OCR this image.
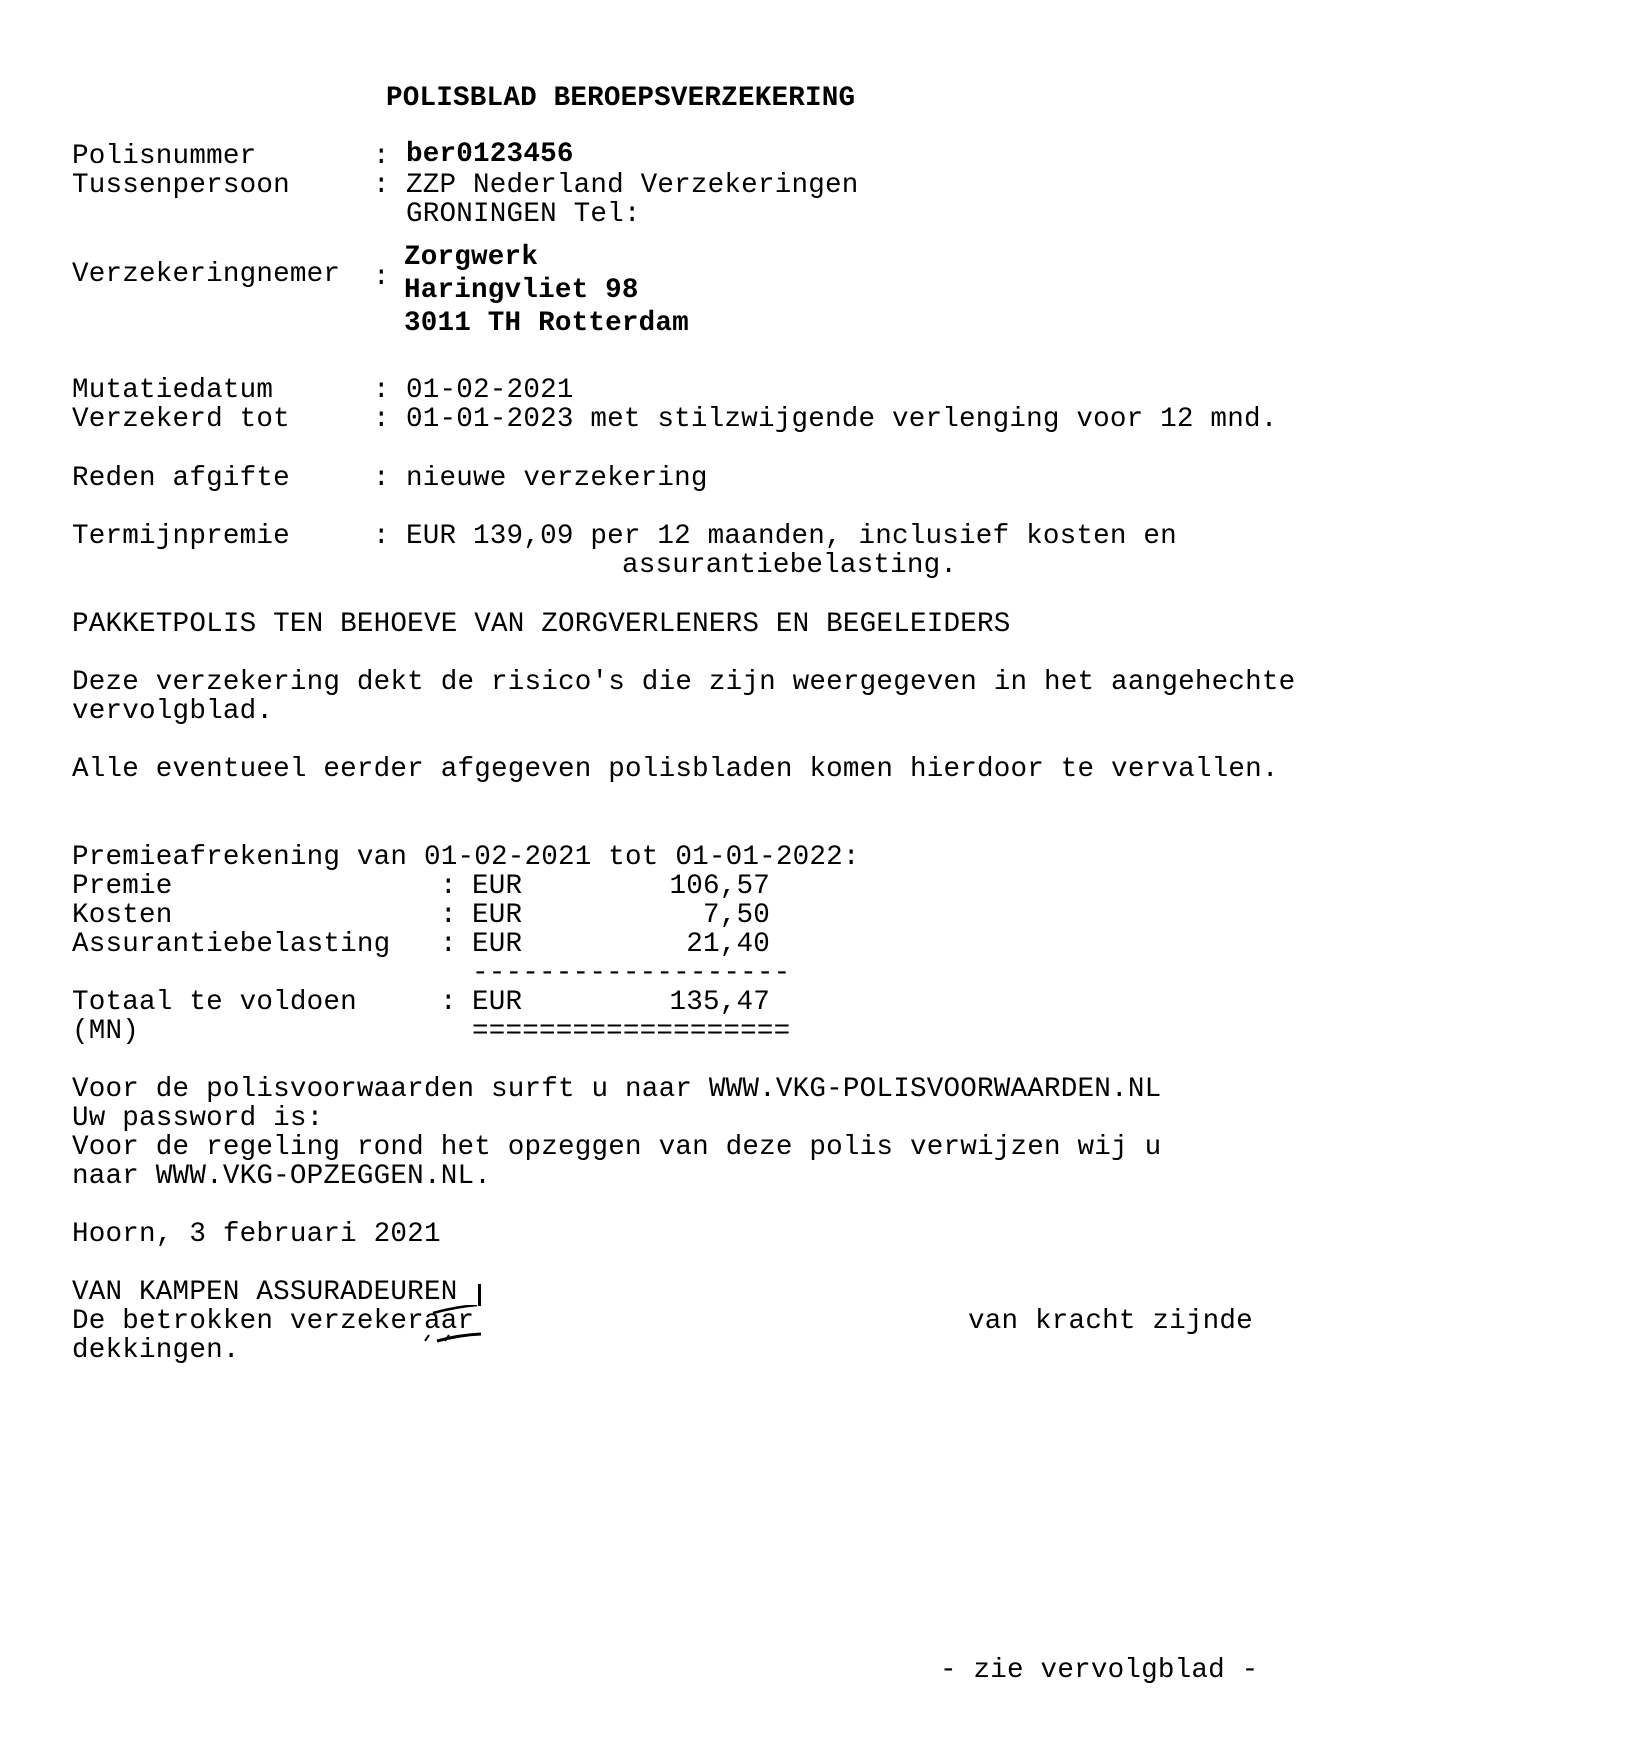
POLISBLAD BEROEPSVERZEKERING
Polisnummer	: ber0123456
Tussenpersoon	: ZZP Nederland Verzekeringen
GRONINGEN Tel:
Verzekeringnemer :
Zorgwerk
Haringvliet 98
3011 TH Rotterdam
Mutatiedatum	: 01-02-2021
Verzekerd tot	: 01-01-2023 met stilzwijgende verlenging voor 12 mnd.
Reden afgifte	: nieuwe verzekering
Termijnpremie	: EUR 139,09 per 12 maanden, inclusief kosten en
assurantiebelasting.
PAKKETPOLIS TEN BEHOEVE VAN ZORGVERLENERS EN BEGELEIDERS
Deze verzekering dekt de risico's die zijn weergegeven in het aangehechte
vervolgblad.
Alle eventueel eerder afgegeven polisbladen komen hierdoor te vervallen.
Premieafrekening van 01-02-2021 tot 01-01-2022:
Premie	: EUR	106,57
Kosten	: EUR	7,50
Assurantiebelasting : EUR	21,40
-------------------
Totaal te voldoen	: EUR	135,47
(MN)	===================
Voor de polisvoorwaarden surft u naar WWW.VKG-POLISVOORWAARDEN.NL
Uw password is:
Voor de regeling rond het opzeggen van deze polis verwijzen wij u
naar WWW.VKG-OPZEGGEN.NL.
Hoorn, 3 februari 2021
VAN KAMPEN ASSURADEUREN
De betrokken verzekeraar	van kracht zijnde
dekkingen.
- zie vervolgblad -
